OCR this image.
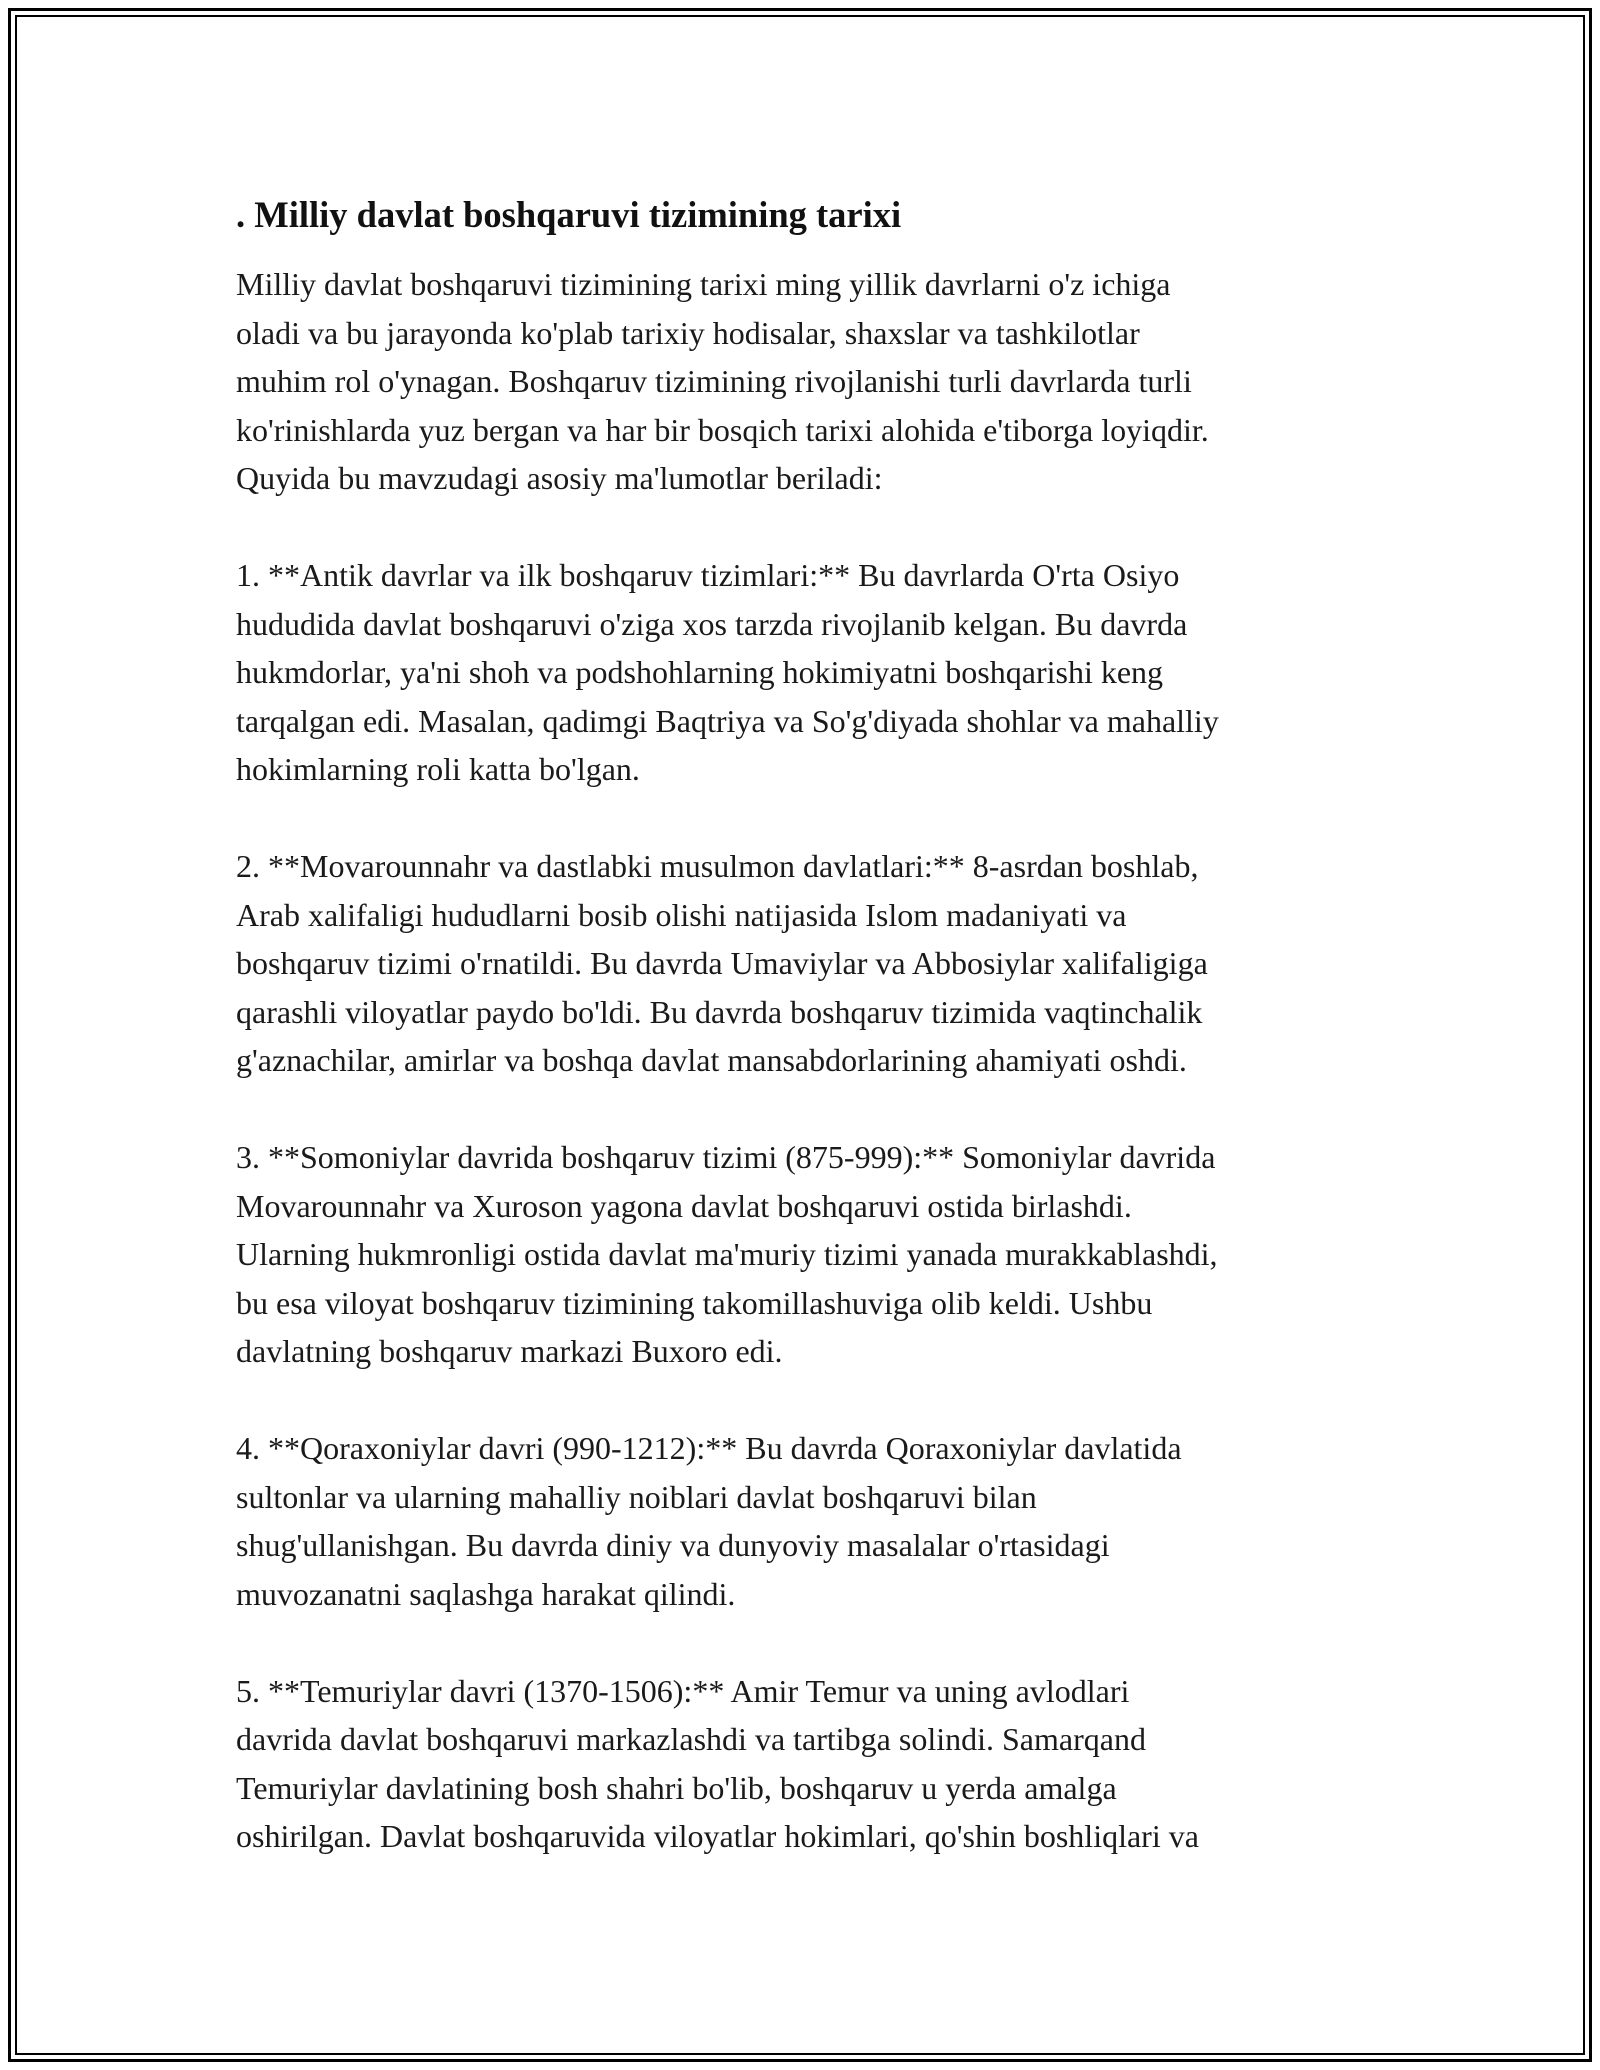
. Milliy davlat boshqaruvi tizimining tarixi

Milliy davlat boshqaruvi tizimining tarixi ming yillik davrlarni o'z ichiga
oladi va bu jarayonda ko'plab tarixiy hodisalar, shaxslar va tashkilotlar
muhim rol o'ynagan. Boshqaruv tizimining rivojlanishi turli davrlarda turli
ko'rinishlarda yuz bergan va har bir bosqich tarixi alohida e'tiborga loyiqdir.
Quyida bu mavzudagi asosiy ma'lumotlar beriladi:

1. **Antik davrlar va ilk boshqaruv tizimlari:** Bu davrlarda O'rta Osiyo
hududida davlat boshqaruvi o'ziga xos tarzda rivojlanib kelgan. Bu davrda
hukmdorlar, ya'ni shoh va podshohlarning hokimiyatni boshqarishi keng
tarqalgan edi. Masalan, qadimgi Baqtriya va So'g'diyada shohlar va mahalliy
hokimlarning roli katta bo'lgan.

2. **Movarounnahr va dastlabki musulmon davlatlari:** 8-asrdan boshlab,
Arab xalifaligi hududlarni bosib olishi natijasida Islom madaniyati va
boshqaruv tizimi o'rnatildi. Bu davrda Umaviylar va Abbosiylar xalifaligiga
qarashli viloyatlar paydo bo'ldi. Bu davrda boshqaruv tizimida vaqtinchalik
g'aznachilar, amirlar va boshqa davlat mansabdorlarining ahamiyati oshdi.

3. **Somoniylar davrida boshqaruv tizimi (875-999):** Somoniylar davrida
Movarounnahr va Xuroson yagona davlat boshqaruvi ostida birlashdi.
Ularning hukmronligi ostida davlat ma'muriy tizimi yanada murakkablashdi,
bu esa viloyat boshqaruv tizimining takomillashuviga olib keldi. Ushbu
davlatning boshqaruv markazi Buxoro edi.

4. **Qoraxoniylar davri (990-1212):** Bu davrda Qoraxoniylar davlatida
sultonlar va ularning mahalliy noiblari davlat boshqaruvi bilan
shug'ullanishgan. Bu davrda diniy va dunyoviy masalalar o'rtasidagi
muvozanatni saqlashga harakat qilindi.

5. **Temuriylar davri (1370-1506):** Amir Temur va uning avlodlari
davrida davlat boshqaruvi markazlashdi va tartibga solindi. Samarqand
Temuriylar davlatining bosh shahri bo'lib, boshqaruv u yerda amalga
oshirilgan. Davlat boshqaruvida viloyatlar hokimlari, qo'shin boshliqlari va
